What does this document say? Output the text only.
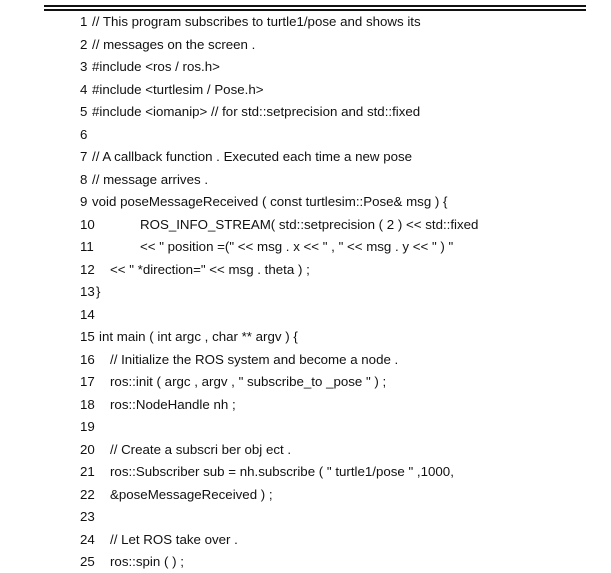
1 // This program subscribes to turtle1/pose and shows its
2 // messages on the screen .
3 #include <ros / ros.h>
4 #include <turtlesim / Pose.h>
5 #include <iomanip> // for std::setprecision and std::fixed
6
7 // A callback function . Executed each time a new pose
8 // message arrives .
9 void poseMessageReceived ( const turtlesim::Pose& msg ) {
10	ROS_INFO_STREAM( std::setprecision ( 2 ) << std::fixed
11	<< " position =(" << msg . x << " , " << msg . y << " ) "
12 << " *direction=" << msg . theta ) ;
13 }
14
15 int main ( int argc , char ** argv ) {
16 // Initialize the ROS system and become a node .
17 ros::init ( argc , argv , " subscribe_to _pose " ) ;
18 ros::NodeHandle nh ;
19
20 // Create a subscri ber obj ect .
21 ros::Subscriber sub = nh.subscribe ( " turtle1/pose " ,1000,
22 &poseMessageReceived ) ;
23
24 // Let ROS take over .
25 ros::spin ( ) ;
